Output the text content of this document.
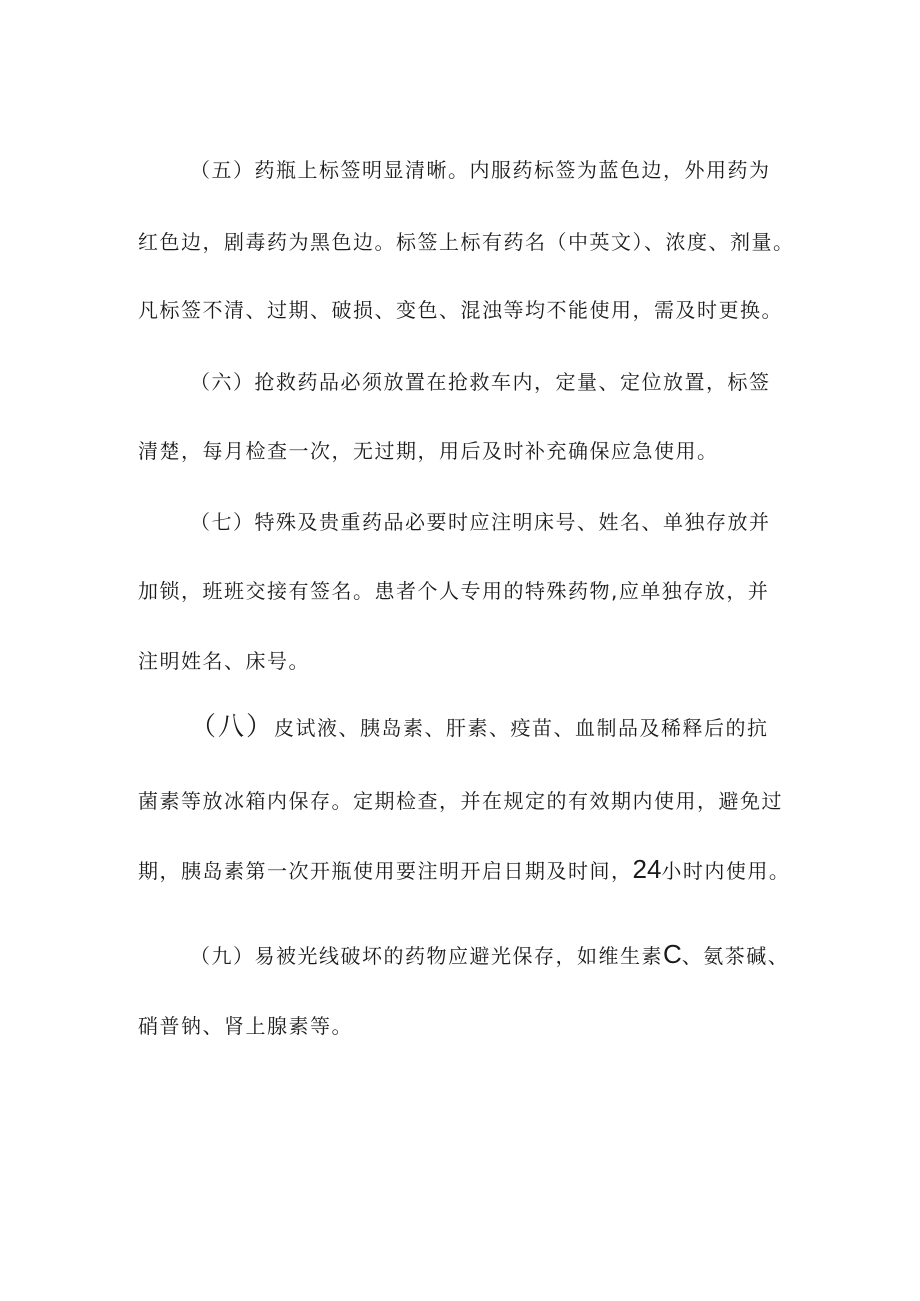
（五）药瓶上标签明显清晰。内服药标签为蓝色边，外用药为
红色边，剧毒药为黑色边。标签上标有药名（中英文）、浓度、剂量。
凡标签不清、过期、破损、变色、混浊等均不能使用，需及时更换。
（六）抢救药品必须放置在抢救车内，定量、定位放置，标签
清楚，每月检查一次，无过期，用后及时补充确保应急使用。
（七）特殊及贵重药品必要时应注明床号、姓名、单独存放并
加锁，班班交接有签名。患者个人专用的特殊药物,应单独存放，并
注明姓名、床号。
（八）皮试液、胰岛素、肝素、疫苗、血制品及稀释后的抗
菌素等放冰箱内保存。定期检查，并在规定的有效期内使用，避免过
期，胰岛素第一次开瓶使用要注明开启日期及时间，24小时内使用。
（九）易被光线破坏的药物应避光保存，如维生素C、氨茶碱、
硝普钠、肾上腺素等。
